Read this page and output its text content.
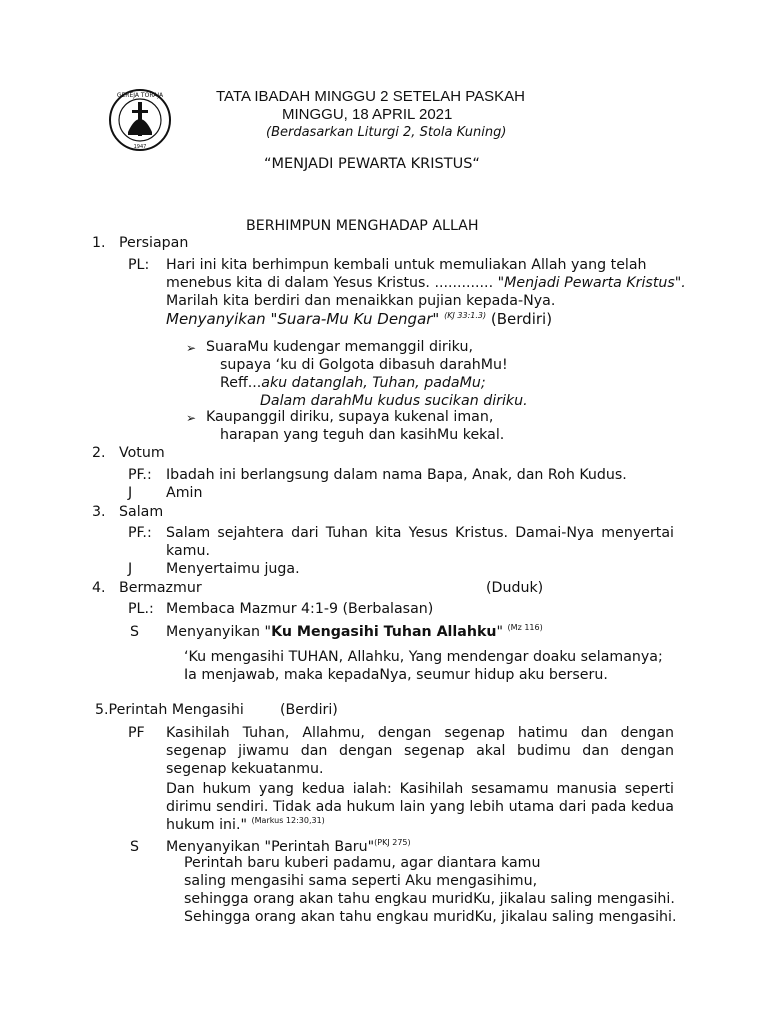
GEREJA TORAJA
1947
TATA IBADAH MINGGU 2 SETELAH PASKAH
MINGGU, 18 APRIL 2021
(Berdasarkan Liturgi 2, Stola Kuning)
“MENJADI PEWARTA KRISTUS“
BERHIMPUN MENGHADAP ALLAH
1. Persiapan
PL: Hari ini kita berhimpun kembali untuk memuliakan Allah yang telah
menebus kita di dalam Yesus Kristus. ............. "Menjadi Pewarta Kristus".
Marilah kita berdiri dan menaikkan pujian kepada-Nya.
Menyanyikan "Suara-Mu Ku Dengar" $^{(KJ 33:1.3)}$ (Berdiri)
➢ SuaraMu kudengar memanggil diriku,
supaya ‘ku di Golgota dibasuh darahMu!
Reff...aku datanglah, Tuhan, padaMu;
Dalam darahMu kudus sucikan diriku.
➢ Kaupanggil diriku, supaya kukenal iman,
harapan yang teguh dan kasihMu kekal.
2. Votum
PF.: Ibadah ini berlangsung dalam nama Bapa, Anak, dan Roh Kudus.
J Amin
3. Salam
PF.: Salam sejahtera dari Tuhan kita Yesus Kristus. Damai-Nya menyertai kamu.
J Menyertaimu juga.
4. Bermazmur	(Duduk)
PL.: Membaca Mazmur 4:1-9 (Berbalasan)
S Menyanyikan "Ku Mengasihi Tuhan Allahku" $^{(Mz 116)}$
‘Ku mengasihi TUHAN, Allahku, Yang mendengar doaku selamanya;
Ia menjawab, maka kepadaNya, seumur hidup aku berseru.
5.Perintah Mengasihi	(Berdiri)
PF Kasihilah Tuhan, Allahmu, dengan segenap hatimu dan dengan segenap jiwamu dan dengan segenap akal budimu dan dengan segenap kekuatanmu.
Dan hukum yang kedua ialah: Kasihilah sesamamu manusia seperti dirimu sendiri. Tidak ada hukum lain yang lebih utama dari pada kedua hukum ini." $^{(Markus 12:30,31)}$
S Menyanyikan "Perintah Baru"$^{(PKJ 275)}$
Perintah baru kuberi padamu, agar diantara kamu
saling mengasihi sama seperti Aku mengasihimu,
sehingga orang akan tahu engkau muridKu, jikalau saling mengasihi.
Sehingga orang akan tahu engkau muridKu, jikalau saling mengasihi.
